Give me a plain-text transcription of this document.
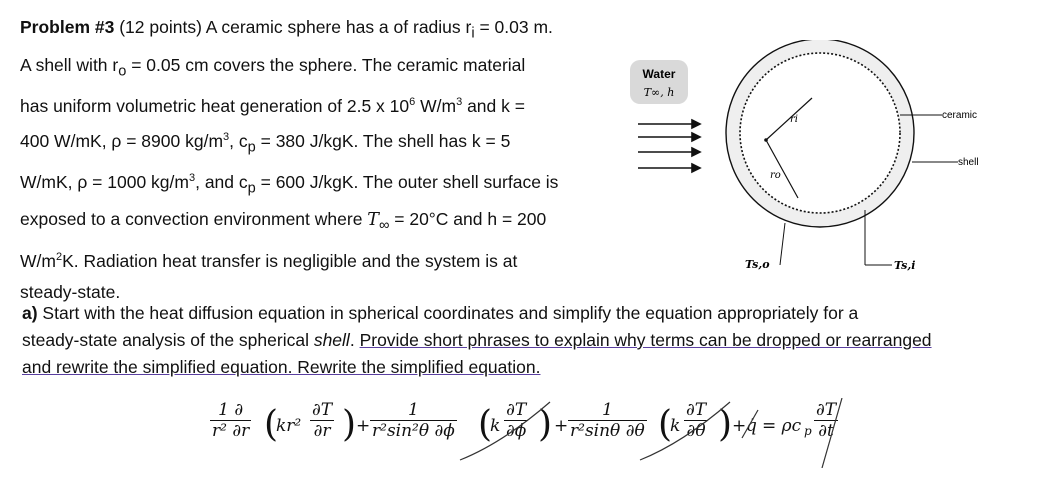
Problem #3 (12 points) A ceramic sphere has a of radius $r_i = 0.03$ m.

A shell with $r_o = 0.05$ cm covers the sphere. The ceramic material

has uniform volumetric heat generation of 2.5 x $10^6$ $W/m^3$ and k =

400 W/mK, ρ = 8900 $kg/m^3$, $c_p = 380$ J/kgK. The shell has k = 5

W/mK, ρ = 1000 $kg/m^3$, and $c_p = 600$ J/kgK. The outer shell surface is

exposed to a convection environment where $T_\infty = 20^\circ C$ and h = 200

$W/m^2K$. Radiation heat transfer is negligible and the system is at

steady-state.

Water
T∞, h
ri
ro
ceramic
shell
Ts,o	Ts,i

a) Start with the heat diffusion equation in spherical coordinates and simplify the equation appropriately for a

steady-state analysis of the spherical shell. Provide short phrases to explain why terms can be dropped or rearranged

and rewrite the simplified equation. Rewrite the simplified equation.

$\frac{1 \partial}{\text{r² ∂r}}$ (
$kr^2 \frac{\partial T}{\partial r}$ ) + $\frac{1}{\text{r²sin²θ ∂ϕ}}$ (
k $\frac{\partial T}{\partial\phi}$ ) + $\frac{1}{\text{r²sinθ ∂θ}}$ (
k $\frac{\partial T}{\partial\theta}$ ) + q̇ = ρc p $\frac{\partial T}{\partial t}$
